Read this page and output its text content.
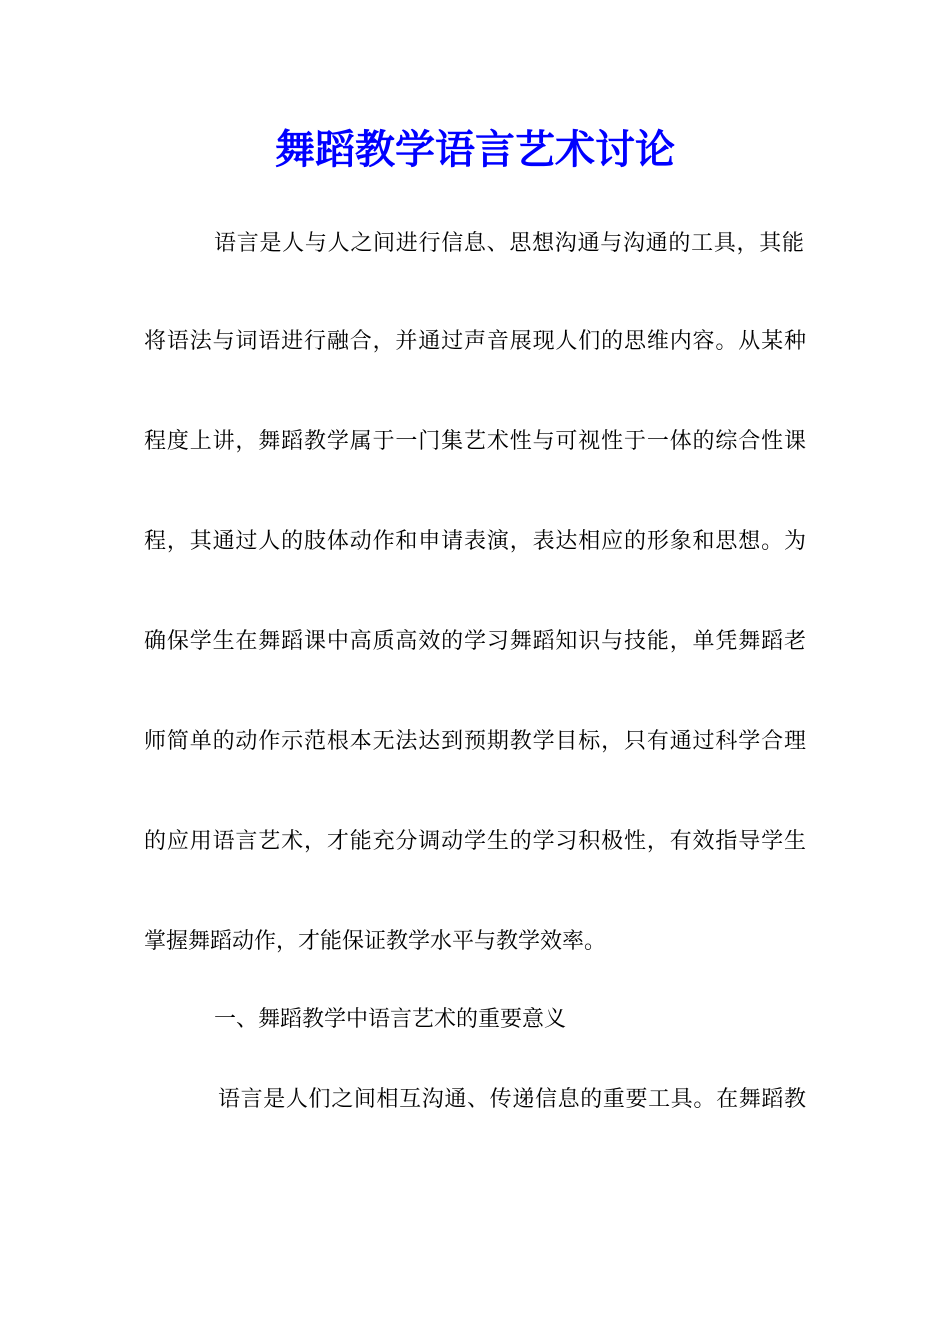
舞蹈教学语言艺术讨论

语言是人与人之间进行信息、思想沟通与沟通的工具，其能

将语法与词语进行融合，并通过声音展现人们的思维内容。从某种

程度上讲，舞蹈教学属于一门集艺术性与可视性于一体的综合性课

程，其通过人的肢体动作和申请表演，表达相应的形象和思想。为

确保学生在舞蹈课中高质高效的学习舞蹈知识与技能，单凭舞蹈老

师简单的动作示范根本无法达到预期教学目标，只有通过科学合理

的应用语言艺术，才能充分调动学生的学习积极性，有效指导学生

掌握舞蹈动作，才能保证教学水平与教学效率。

一、舞蹈教学中语言艺术的重要意义

语言是人们之间相互沟通、传递信息的重要工具。在舞蹈教
